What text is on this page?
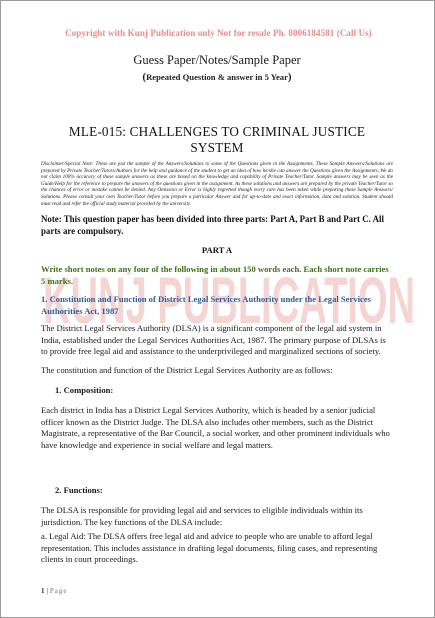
KUNJ PUBLICATION
Copyright with Kunj Publication only Not for resale Ph. 8006184581 (Call Us)
Guess Paper/Notes/Sample Paper
(Repeated Question & answer in 5 Year)
MLE-015: CHALLENGES TO CRIMINAL JUSTICE
SYSTEM
Disclaimer/Special Note: These are just the sample of the Answers/Solutions to some of the Questions given in the Assignments. These Sample Answers/Solutions are prepared by Private Teacher/Tutors/Authors for the help and guidance of the student to get an idea of how he/she can answer the Questions given the Assignments. We do not claim 100% accuracy of these sample answers as these are based on the knowledge and capability of Private Teacher/Tutor. Sample answers may be seen as the Guide/Help for the reference to prepare the answers of the questions given in the assignment. As these solutions and answers are prepared by the private Teacher/Tutor so the chances of error or mistake cannot be denied. Any Omission or Error is highly regretted though every care has been taken while preparing these Sample Answers/ Solutions. Please consult your own Teacher/Tutor before you prepare a particular Answer and for up-to-date and exact information, data and solution. Student should must read and refer the official study material provided by the university.
Note: This question paper has been divided into three parts: Part A, Part B and Part C. All parts are compulsory.
PART A
Write short notes on any four of the following in about 150 words each. Each short note carries 5 marks.
1. Constitution and Function of District Legal Services Authority under the Legal Services Authorities Act, 1987
The District Legal Services Authority (DLSA) is a significant component of the legal aid system in India, established under the Legal Services Authorities Act, 1987. The primary purpose of DLSAs is to provide free legal aid and assistance to the underprivileged and marginalized sections of society.
The constitution and function of the District Legal Services Authority are as follows:
1. Composition:
Each district in India has a District Legal Services Authority, which is headed by a senior judicial officer known as the District Judge. The DLSA also includes other members, such as the District Magistrate, a representative of the Bar Council, a social worker, and other prominent individuals who have knowledge and experience in social welfare and legal matters.
2. Functions:
The DLSA is responsible for providing legal aid and services to eligible individuals within its jurisdiction. The key functions of the DLSA include:
a. Legal Aid: The DLSA offers free legal aid and advice to people who are unable to afford legal representation. This includes assistance in drafting legal documents, filing cases, and representing clients in court proceedings.
1 | Page
